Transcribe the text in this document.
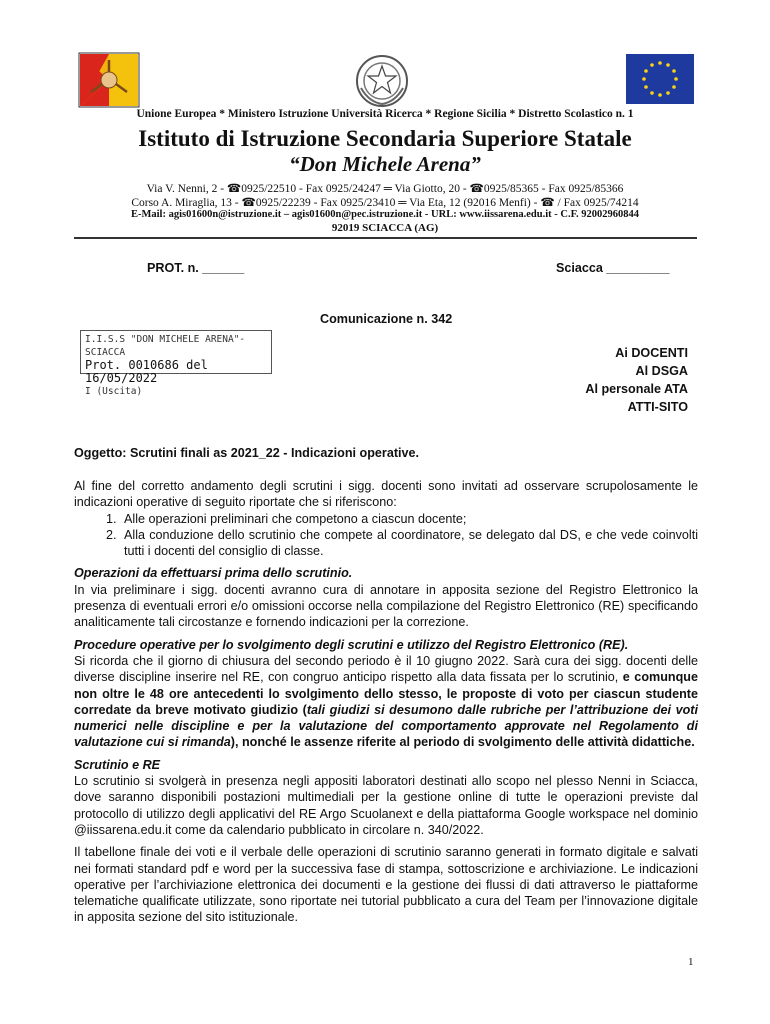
Unione Europea * Ministero Istruzione Università Ricerca * Regione Sicilia * Distretto Scolastico n. 1
Istituto di Istruzione Secondaria Superiore Statale
“Don Michele Arena”
Via V. Nenni, 2 - ☎0925/22510 - Fax 0925/24247 ═ Via Giotto, 20 - ☎0925/85365 - Fax 0925/85366
Corso A. Miraglia, 13 - ☎0925/22239 - Fax 0925/23410 ═ Via Eta, 12 (92016 Menfi) - ☎ / Fax 0925/74214
E-Mail: agis01600n@istruzione.it – agis01600n@pec.istruzione.it - URL: www.iissarena.edu.it - C.F. 92002960844
92019 SCIACCA (AG)
PROT. n. ______	Sciacca _________
Comunicazione n. 342
I.I.S.S "DON MICHELE ARENA"-SCIACCA
Prot. 0010686 del 16/05/2022
I (Uscita)
Ai DOCENTI
Al DSGA
Al personale ATA
ATTI-SITO
Oggetto: Scrutini finali as 2021_22 - Indicazioni operative.

Al fine del corretto andamento degli scrutini i sigg. docenti sono invitati ad osservare scrupolosamente le indicazioni operative di seguito riportate che si riferiscono:

1. Alle operazioni preliminari che competono a ciascun docente;
2. Alla conduzione dello scrutinio che compete al coordinatore, se delegato dal DS, e che vede coinvolti tutti i docenti del consiglio di classe.

Operazioni da effettuarsi prima dello scrutinio.

In via preliminare i sigg. docenti avranno cura di annotare in apposita sezione del Registro Elettronico la presenza di eventuali errori e/o omissioni occorse nella compilazione del Registro Elettronico (RE) specificando analiticamente tali circostanze e fornendo indicazioni per la correzione.

Procedure operative per lo svolgimento degli scrutini e utilizzo del Registro Elettronico (RE).

Si ricorda che il giorno di chiusura del secondo periodo è il 10 giugno 2022. Sarà cura dei sigg. docenti delle diverse discipline inserire nel RE, con congruo anticipo rispetto alla data fissata per lo scrutinio, e comunque non oltre le 48 ore antecedenti lo svolgimento dello stesso, le proposte di voto per ciascun studente corredate da breve motivato giudizio (tali giudizi si desumono dalle rubriche per l’attribuzione dei voti numerici nelle discipline e per la valutazione del comportamento approvate nel Regolamento di valutazione cui si rimanda), nonché le assenze riferite al periodo di svolgimento delle attività didattiche.

Scrutinio e RE

Lo scrutinio si svolgerà in presenza negli appositi laboratori destinati allo scopo nel plesso Nenni in Sciacca, dove saranno disponibili postazioni multimediali per la gestione online di tutte le operazioni previste dal protocollo di utilizzo degli applicativi del RE Argo Scuolanext e della piattaforma Google workspace nel dominio @iissarena.edu.it come da calendario pubblicato in circolare n. 340/2022.

Il tabellone finale dei voti e il verbale delle operazioni di scrutinio saranno generati in formato digitale e salvati nei formati standard pdf e word per la successiva fase di stampa, sottoscrizione e archiviazione. Le indicazioni operative per l’archiviazione elettronica dei documenti e la gestione dei flussi di dati attraverso le piattaforme telematiche qualificate utilizzate, sono riportate nei tutorial pubblicato a cura del Team per l’innovazione digitale in apposita sezione del sito istituzionale.

1
